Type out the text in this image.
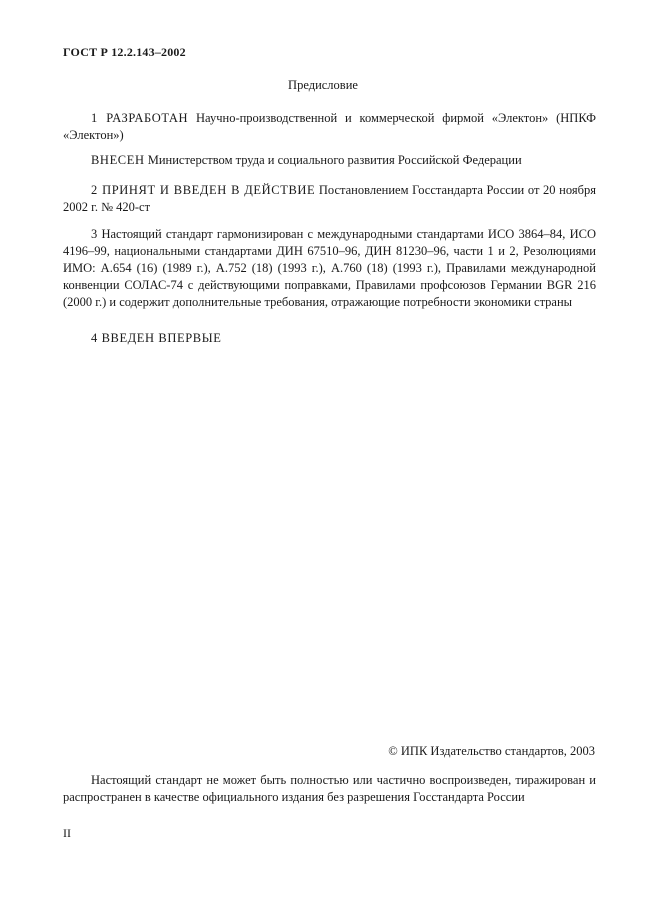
ГОСТ Р 12.2.143–2002
Предисловие
1 РАЗРАБОТАН Научно-производственной и коммерческой фирмой «Электон» (НПКФ «Электон»)
ВНЕСЕН Министерством труда и социального развития Российской Федерации
2 ПРИНЯТ И ВВЕДЕН В ДЕЙСТВИЕ Постановлением Госстандарта России от 20 ноября 2002 г. № 420-ст
3 Настоящий стандарт гармонизирован с международными стандартами ИСО 3864–84, ИСО 4196–99, национальными стандартами ДИН 67510–96, ДИН 81230–96, части 1 и 2, Резолюциями ИМО: А.654 (16) (1989 г.), А.752 (18) (1993 г.), А.760 (18) (1993 г.), Правилами международной конвенции СОЛАС-74 с действующими поправками, Правилами профсоюзов Германии BGR 216 (2000 г.) и содержит дополнительные требования, отражающие потребности экономики страны
4 ВВЕДЕН ВПЕРВЫЕ
© ИПК Издательство стандартов, 2003
Настоящий стандарт не может быть полностью или частично воспроизведен, тиражирован и распространен в качестве официального издания без разрешения Госстандарта России
II
